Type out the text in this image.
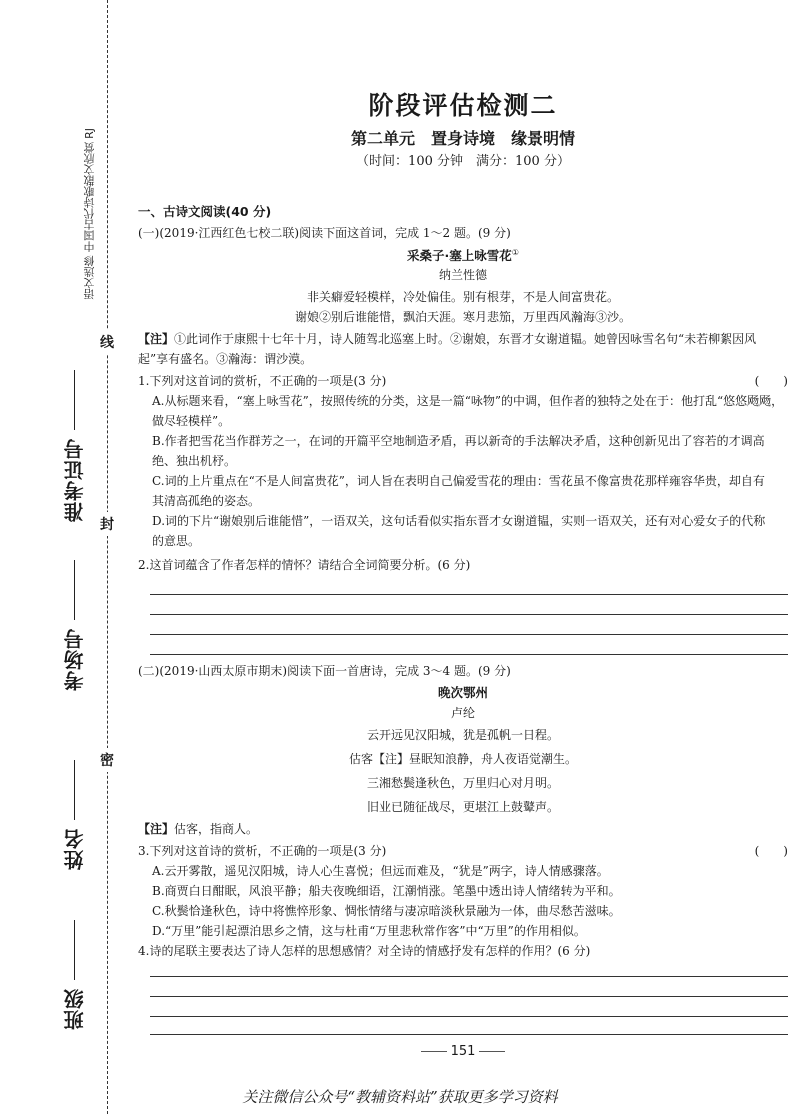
线
封
密
语文选修 中国古代诗歌散文欣赏 RJ
准考证号
考场号
姓名
班级
阶段评估检测二
第二单元　置身诗境　缘景明情
（时间：100 分钟　满分：100 分）
一、古诗文阅读(40 分)
(一)(2019·江西红色七校二联)阅读下面这首词，完成 1～2 题。(9 分)
采桑子·塞上咏雪花①
纳兰性德
非关癖爱轻模样，冷处偏佳。别有根芽，不是人间富贵花。
谢娘②别后谁能惜，飘泊天涯。寒月悲笳，万里西风瀚海③沙。
【注】①此词作于康熙十七年十月，诗人随驾北巡塞上时。②谢娘，东晋才女谢道韫。她曾因咏雪名句“未若柳絮因风
起”享有盛名。③瀚海：谓沙漠。
1.下列对这首词的赏析，不正确的一项是(3 分)	(　　)
A.从标题来看，“塞上咏雪花”，按照传统的分类，这是一篇“咏物”的中调，但作者的独特之处在于：他打乱“悠悠飏飏，
做尽轻模样”。
B.作者把雪花当作群芳之一，在词的开篇平空地制造矛盾，再以新奇的手法解决矛盾，这种创新见出了容若的才调高
绝、独出机杼。
C.词的上片重点在“不是人间富贵花”，词人旨在表明自己偏爱雪花的理由：雪花虽不像富贵花那样雍容华贵，却自有
其清高孤绝的姿态。
D.词的下片“谢娘别后谁能惜”，一语双关，这句话看似实指东晋才女谢道韫，实则一语双关，还有对心爱女子的代称
的意思。
2.这首词蕴含了作者怎样的情怀？请结合全词简要分析。(6 分)
(二)(2019·山西太原市期末)阅读下面一首唐诗，完成 3～4 题。(9 分)
晚次鄂州
卢纶
云开远见汉阳城，犹是孤帆一日程。
估客【注】昼眠知浪静，舟人夜语觉潮生。
三湘愁鬓逢秋色，万里归心对月明。
旧业已随征战尽，更堪江上鼓鼙声。
【注】估客，指商人。
3.下列对这首诗的赏析，不正确的一项是(3 分)	(　　)
A.云开雾散，遥见汉阳城，诗人心生喜悦；但远而难及，“犹是”两字，诗人情感骤落。
B.商贾白日酣眠，风浪平静；船夫夜晚细语，江潮悄涨。笔墨中透出诗人情绪转为平和。
C.秋鬓恰逢秋色，诗中将憔悴形象、惆怅情绪与凄凉暗淡秋景融为一体，曲尽愁苦滋味。
D.“万里”能引起漂泊思乡之情，这与杜甫“万里悲秋常作客”中“万里”的作用相似。
4.诗的尾联主要表达了诗人怎样的思想感情？对全诗的情感抒发有怎样的作用？(6 分)
151
关注微信公众号“教辅资料站”获取更多学习资料
